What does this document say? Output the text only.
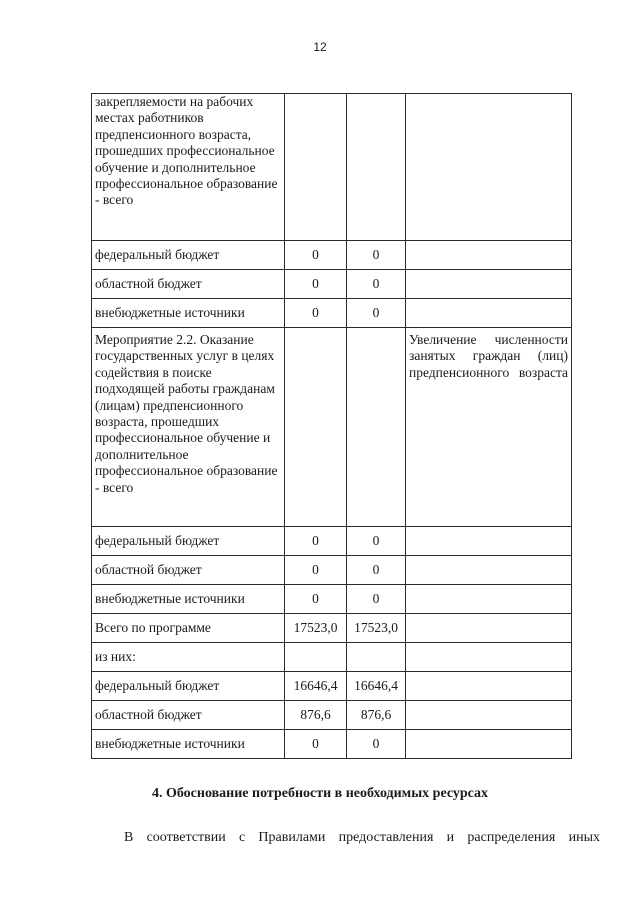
12
закрепляемости на рабочих местах работников предпенсионного возраста, прошедших профессиональное обучение и дополнительное профессиональное образование - всего			
федеральный бюджет	0	0	
областной бюджет	0	0	
внебюджетные источники	0	0	
Мероприятие 2.2. Оказание государственных услуг в целях содействия в поиске подходящей работы гражданам (лицам) предпенсионного возраста, прошедших профессиональное обучение и дополнительное профессиональное образование - всего			Увеличение численности занятых граждан (лиц) предпенсионного возраста

федеральный бюджет	0	0	
областной бюджет	0	0	
внебюджетные источники	0	0	
Всего по программе	17523,0	17523,0	
из них:			
федеральный бюджет	16646,4	16646,4	
областной бюджет	876,6	876,6	
внебюджетные источники	0	0	
4. Обоснование потребности в необходимых ресурсах
В соответствии с Правилами предоставления и распределения иных
